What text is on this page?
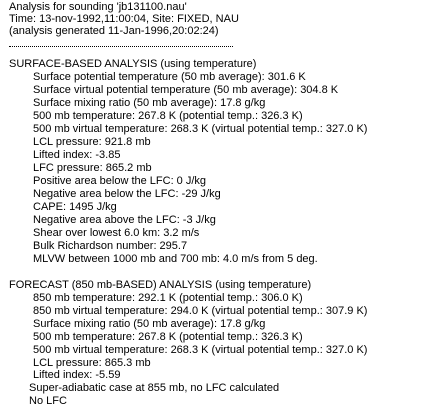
Analysis for sounding 'jb131100.nau'

Time: 13-nov-1992,11:00:04, Site: FIXED, NAU

(analysis generated 11-Jan-1996,20:02:24)

SURFACE-BASED ANALYSIS (using temperature)

Surface potential temperature (50 mb average): 301.6 K

Surface virtual potential temperature (50 mb average): 304.8 K

Surface mixing ratio (50 mb average): 17.8 g/kg

500 mb temperature: 267.8 K (potential temp.: 326.3 K)

500 mb virtual temperature: 268.3 K (virtual potential temp.: 327.0 K)

LCL pressure: 921.8 mb

Lifted index: -3.85

LFC pressure: 865.2 mb

Positive area below the LFC: 0 J/kg

Negative area below the LFC: -29 J/kg

CAPE: 1495 J/kg

Negative area above the LFC: -3 J/kg

Shear over lowest 6.0 km: 3.2 m/s

Bulk Richardson number: 295.7

MLVW between 1000 mb and 700 mb: 4.0 m/s from 5 deg.

FORECAST (850 mb-BASED) ANALYSIS (using temperature)

850 mb temperature: 292.1 K (potential temp.: 306.0 K)

850 mb virtual temperature: 294.0 K (virtual potential temp.: 307.9 K)

Surface mixing ratio (50 mb average): 17.8 g/kg

500 mb temperature: 267.8 K (potential temp.: 326.3 K)

500 mb virtual temperature: 268.3 K (virtual potential temp.: 327.0 K)

LCL pressure: 865.3 mb

Lifted index: -5.59

Super-adiabatic case at 855 mb, no LFC calculated

No LFC
